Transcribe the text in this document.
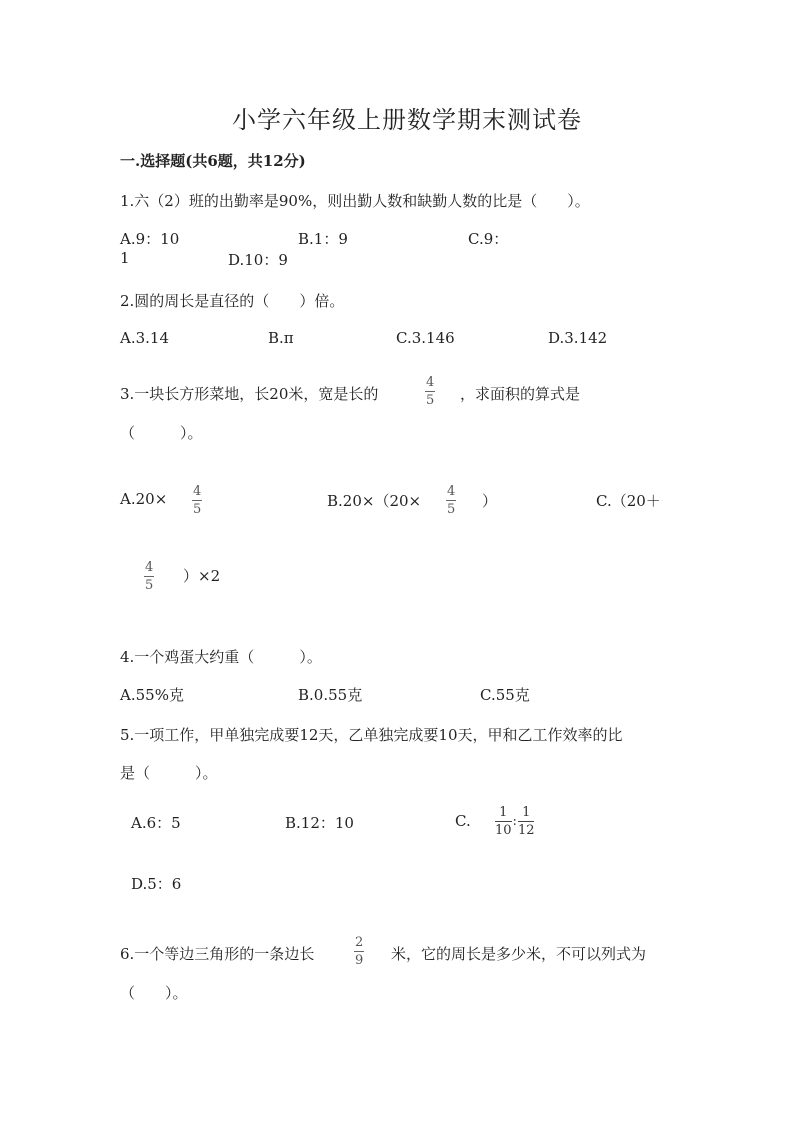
小学六年级上册数学期末测试卷
一.选择题(共6题，共12分)
1.六（2）班的出勤率是90%，则出勤人数和缺勤人数的比是（　　）。
A.9：10	B.1：9	C.9：
1	D.10：9
2.圆的周长是直径的（　　）倍。
A.3.14	B.π	C.3.146	D.3.142
3.一块长方形菜地，长20米，宽是长的
4
5 ，求面积的算式是
（　　　）。
A.20× 4
5	B.20×（20×
4
5 ）	C.（20＋
4
5
）×2
4.一个鸡蛋大约重（　　　）。
A.55%克	B.0.55克	C.55克
5.一项工作，甲单独完成要12天，乙单独完成要10天，甲和乙工作效率的比
是（　　　）。
A.6：5	B.12：10	C. $\frac{1}{10}$ : $\frac{1}{12}$
D.5：6
6.一个等边三角形的一条边长
2
9 米，它的周长是多少米，不可以列式为
（　　）。
